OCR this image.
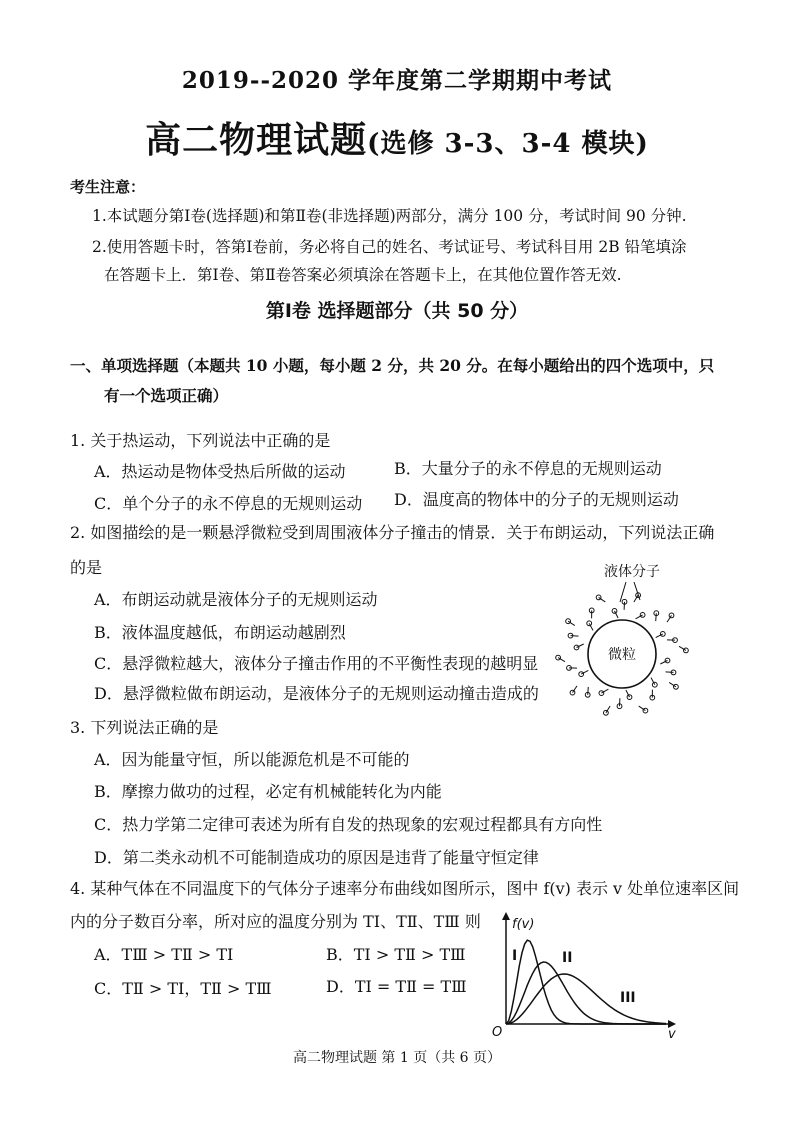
2019--2020 学年度第二学期期中考试
高二物理试题(选修 3-3、3-4 模块)
考生注意：
1.本试题分第Ⅰ卷(选择题)和第Ⅱ卷(非选择题)两部分，满分 100 分，考试时间 90 分钟.
2.使用答题卡时，答第Ⅰ卷前，务必将自己的姓名、考试证号、考试科目用 2B 铅笔填涂
在答题卡上．第Ⅰ卷、第Ⅱ卷答案必须填涂在答题卡上，在其他位置作答无效.
第Ⅰ卷 选择题部分（共 50 分）
一、单项选择题（本题共 10 小题，每小题 2 分，共 20 分。在每小题给出的四个选项中，只
有一个选项正确）
1. 关于热运动，下列说法中正确的是
A．热运动是物体受热后所做的运动	B．大量分子的永不停息的无规则运动
C．单个分子的永不停息的无规则运动 D．温度高的物体中的分子的无规则运动
2. 如图描绘的是一颗悬浮微粒受到周围液体分子撞击的情景．关于布朗运动，下列说法正确
的是
A．布朗运动就是液体分子的无规则运动
B．液体温度越低，布朗运动越剧烈
C．悬浮微粒越大，液体分子撞击作用的不平衡性表现的越明显
D．悬浮微粒做布朗运动，是液体分子的无规则运动撞击造成的
液体分子
微粒
3. 下列说法正确的是
A．因为能量守恒，所以能源危机是不可能的
B．摩擦力做功的过程，必定有机械能转化为内能
C．热力学第二定律可表述为所有自发的热现象的宏观过程都具有方向性
D．第二类永动机不可能制造成功的原因是违背了能量守恒定律
4. 某种气体在不同温度下的气体分子速率分布曲线如图所示，图中 f(v) 表示 v 处单位速率区间
内的分子数百分率，所对应的温度分别为 TⅠ、TⅡ、TⅢ 则
A．TⅢ > TⅡ > TⅠ	B．TⅠ > TⅡ > TⅢ
C．TⅡ > TⅠ，TⅡ > TⅢ	D．TⅠ = TⅡ = TⅢ
f(v)
v
O
I	II
III
高二物理试题 第 1 页（共 6 页）
